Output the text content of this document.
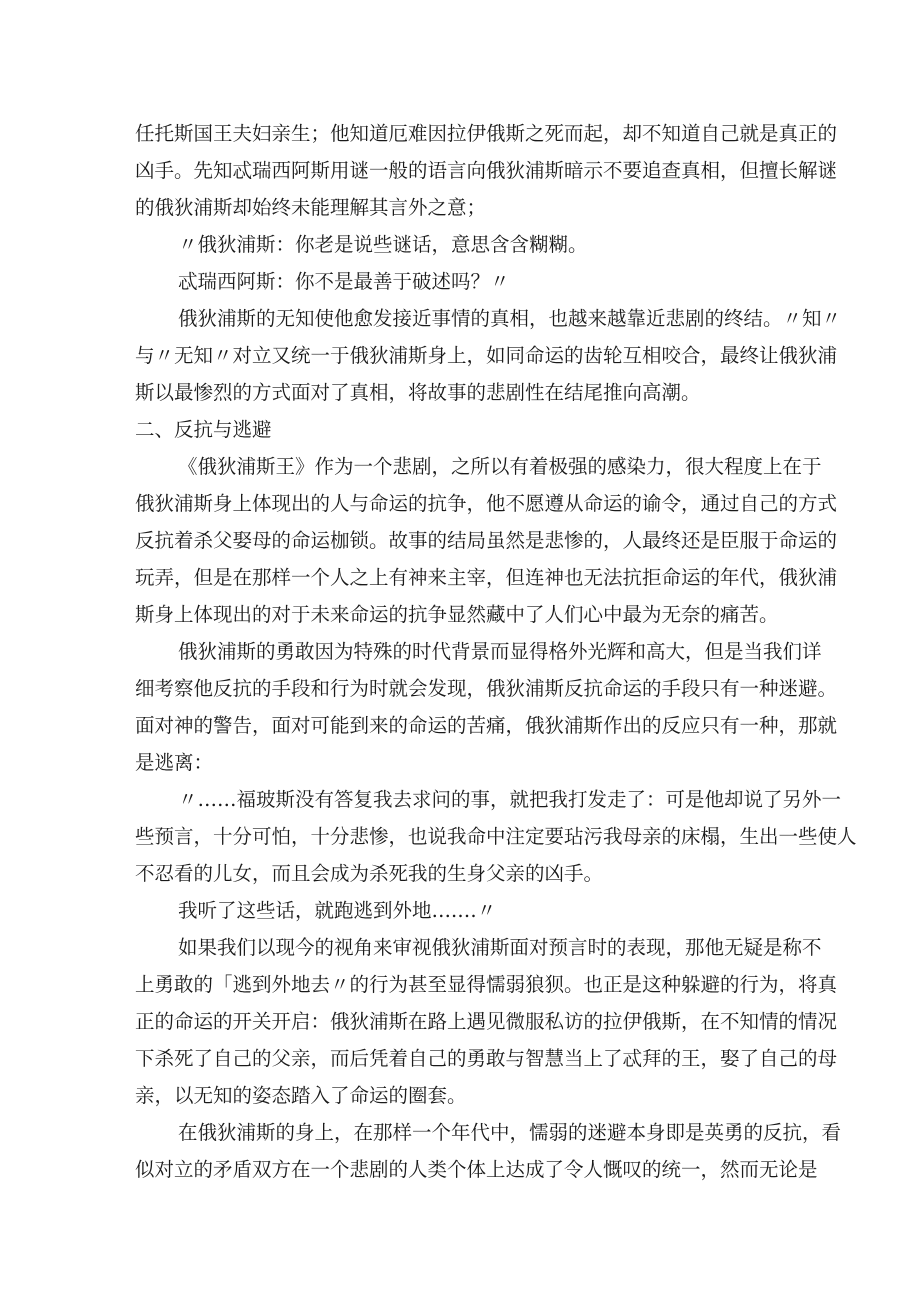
任托斯国王夫妇亲生；他知道厄难因拉伊俄斯之死而起，却不知道自己就是真正的
凶手。先知忒瑞西阿斯用谜一般的语言向俄狄浦斯暗示不要追查真相，但擅长解谜
的俄狄浦斯却始终未能理解其言外之意；
〃俄狄浦斯：你老是说些谜话，意思含含糊糊。
忒瑞西阿斯：你不是最善于破述吗？〃
俄狄浦斯的无知使他愈发接近事情的真相，也越来越靠近悲剧的终结。〃知〃
与〃无知〃对立又统一于俄狄浦斯身上，如同命运的齿轮互相咬合，最终让俄狄浦
斯以最惨烈的方式面对了真相，将故事的悲剧性在结尾推向高潮。
二、反抗与逃避
《俄狄浦斯王》作为一个悲剧，之所以有着极强的感染力，很大程度上在于
俄狄浦斯身上体现出的人与命运的抗争，他不愿遵从命运的谕令，通过自己的方式
反抗着杀父娶母的命运枷锁。故事的结局虽然是悲惨的，人最终还是臣服于命运的
玩弄，但是在那样一个人之上有神来主宰，但连神也无法抗拒命运的年代，俄狄浦
斯身上体现出的对于未来命运的抗争显然藏中了人们心中最为无奈的痛苦。
俄狄浦斯的勇敢因为特殊的时代背景而显得格外光辉和高大，但是当我们详
细考察他反抗的手段和行为时就会发现，俄狄浦斯反抗命运的手段只有一种迷避。
面对神的警告，面对可能到来的命运的苦痛，俄狄浦斯作出的反应只有一种，那就
是逃离：
〃……福玻斯没有答复我去求问的事，就把我打发走了：可是他却说了另外一
些预言，十分可怕，十分悲惨，也说我命中注定要玷污我母亲的床榻，生出一些使人
不忍看的儿女，而且会成为杀死我的生身父亲的凶手。
我听了这些话，就跑逃到外地….…〃
如果我们以现今的视角来审视俄狄浦斯面对预言时的表现，那他无疑是称不
上勇敢的「逃到外地去〃的行为甚至显得懦弱狼狈。也正是这种躲避的行为，将真
正的命运的开关开启：俄狄浦斯在路上遇见微服私访的拉伊俄斯，在不知情的情况
下杀死了自己的父亲，而后凭着自己的勇敢与智慧当上了忒拜的王，娶了自己的母
亲，以无知的姿态踏入了命运的圈套。
在俄狄浦斯的身上，在那样一个年代中，懦弱的迷避本身即是英勇的反抗，看
似对立的矛盾双方在一个悲剧的人类个体上达成了令人慨叹的统一，然而无论是
